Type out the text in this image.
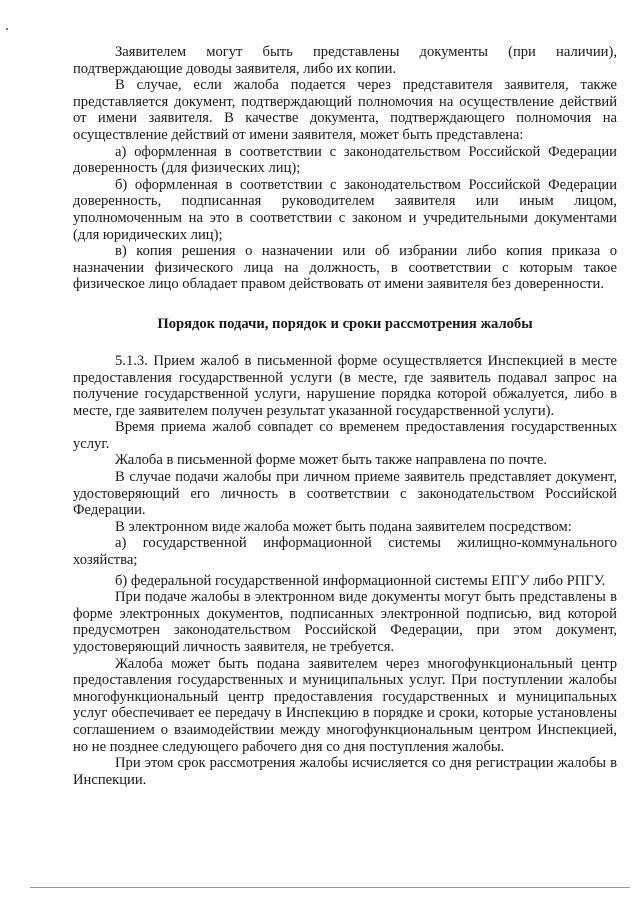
Заявителем могут быть представлены документы (при наличии), подтверждающие доводы заявителя, либо их копии.

В случае, если жалоба подается через представителя заявителя, также представляется документ, подтверждающий полномочия на осуществление действий от имени заявителя. В качестве документа, подтверждающего полномочия на осуществление действий от имени заявителя, может быть представлена:

а) оформленная в соответствии с законодательством Российской Федерации доверенность (для физических лиц);

б) оформленная в соответствии с законодательством Российской Федерации доверенность, подписанная руководителем заявителя или иным лицом, уполномоченным на это в соответствии с законом и учредительными документами (для юридических лиц);

в) копия решения о назначении или об избрании либо копия приказа о назначении физического лица на должность, в соответствии с которым такое физическое лицо обладает правом действовать от имени заявителя без доверенности.

Порядок подачи, порядок и сроки рассмотрения жалобы

5.1.3. Прием жалоб в письменной форме осуществляется Инспекцией в месте предоставления государственной услуги (в месте, где заявитель подавал запрос на получение государственной услуги, нарушение порядка которой обжалуется, либо в месте, где заявителем получен результат указанной государственной услуги).

Время приема жалоб совпадет со временем предоставления государственных услуг.

Жалоба в письменной форме может быть также направлена по почте.

В случае подачи жалобы при личном приеме заявитель представляет документ, удостоверяющий его личность в соответствии с законодательством Российской Федерации.

В электронном виде жалоба может быть подана заявителем посредством:

а) государственной информационной системы жилищно-коммунального хозяйства;

б) федеральной государственной информационной системы ЕПГУ либо РПГУ.

При подаче жалобы в электронном виде документы могут быть представлены в форме электронных документов, подписанных электронной подписью, вид которой предусмотрен законодательством Российской Федерации, при этом документ, удостоверяющий личность заявителя, не требуется.

Жалоба может быть подана заявителем через многофункциональный центр предоставления государственных и муниципальных услуг. При поступлении жалобы многофункциональный центр предоставления государственных и муниципальных услуг обеспечивает ее передачу в Инспекцию в порядке и сроки, которые установлены соглашением о взаимодействии между многофункциональным центром Инспекцией, но не позднее следующего рабочего дня со дня поступления жалобы.

При этом срок рассмотрения жалобы исчисляется со дня регистрации жалобы в Инспекции.
